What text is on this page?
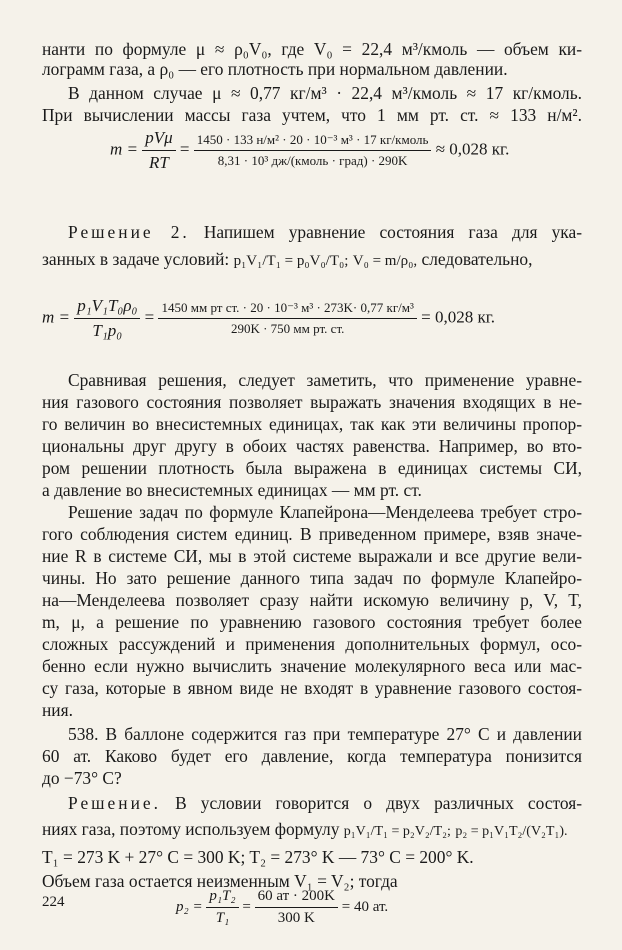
нанти по формуле μ ≈ ρ₀V₀, где V₀ = 22,4 м³/кмоль — объем ки-
лограмм газа, а ρ₀ — его плотность при нормальном давлении.
В данном случае μ ≈ 0,77 кг/м³ · 22,4 м³/кмоль ≈ 17 кг/кмоль.
При вычислении массы газа учтем, что 1 мм рт. ст. ≈ 133 н/м².
m =
pVμ
RT
= 1450 · 133 н/м² · 20 · 10⁻³ м³ · 17 кг/кмоль
8,31 · 10³ дж/(кмоль · град) · 290K
≈ 0,028 кг.
Решение 2. Напишем уравнение состояния газа для ука-
занных в задаче условий: p₁V₁/T₁ = p₀V₀/T₀; V₀ = m/ρ₀, следовательно,
$m = \frac{\text{p₁V₁T₀ρ₀}}{\text{T₁p₀}} = 1450$ мм рт ст. · 20 · 10⁻³ м³ · 273K· 0,77 кг/м³
290K · 750 мм рт. ст.
= 0,028 кг.
Сравнивая решения, следует заметить, что применение уравне-
ния газового состояния позволяет выражать значения входящих в не-
го величин во внесистемных единицах, так как эти величины пропор-
циональны друг другу в обоих частях равенства. Например, во вто-
ром решении плотность была выражена в единицах системы СИ,
а давление во внесистемных единицах — мм рт. ст.
Решение задач по формуле Клапейрона—Менделеева требует стро-
гого соблюдения систем единиц. В приведенном примере, взяв значе-
ние R в системе СИ, мы в этой системе выражали и все другие вели-
чины. Но зато решение данного типа задач по формуле Клапейро-
на—Менделеева позволяет сразу найти искомую величину p, V, T,
m, μ, а решение по уравнению газового состояния требует более
сложных рассуждений и применения дополнительных формул, осо-
бенно если нужно вычислить значение молекулярного веса или мас-
су газа, которые в явном виде не входят в уравнение газового состоя-
ния.
538. В баллоне содержится газ при температуре 27° С и давлении
60 ат. Каково будет его давление, когда температура понизится
до −73° С?
Решение. В условии говорится о двух различных состоя-
ниях газа, поэтому используем формулу p₁V₁/T₁ = p₂V₂/T₂; p₂ = p₁V₁T₂/(V₂T₁).
T₁ = 273 K + 27° C = 300 K; T₂ = 273° K — 73° C = 200° K.
Объем газа остается неизменным V₁ = V₂; тогда
$p_2 = \frac{\text{p₁T₂}}{\text{T₁}}$ =
60 ат · 200K
300 K
= 40 ат.
224
